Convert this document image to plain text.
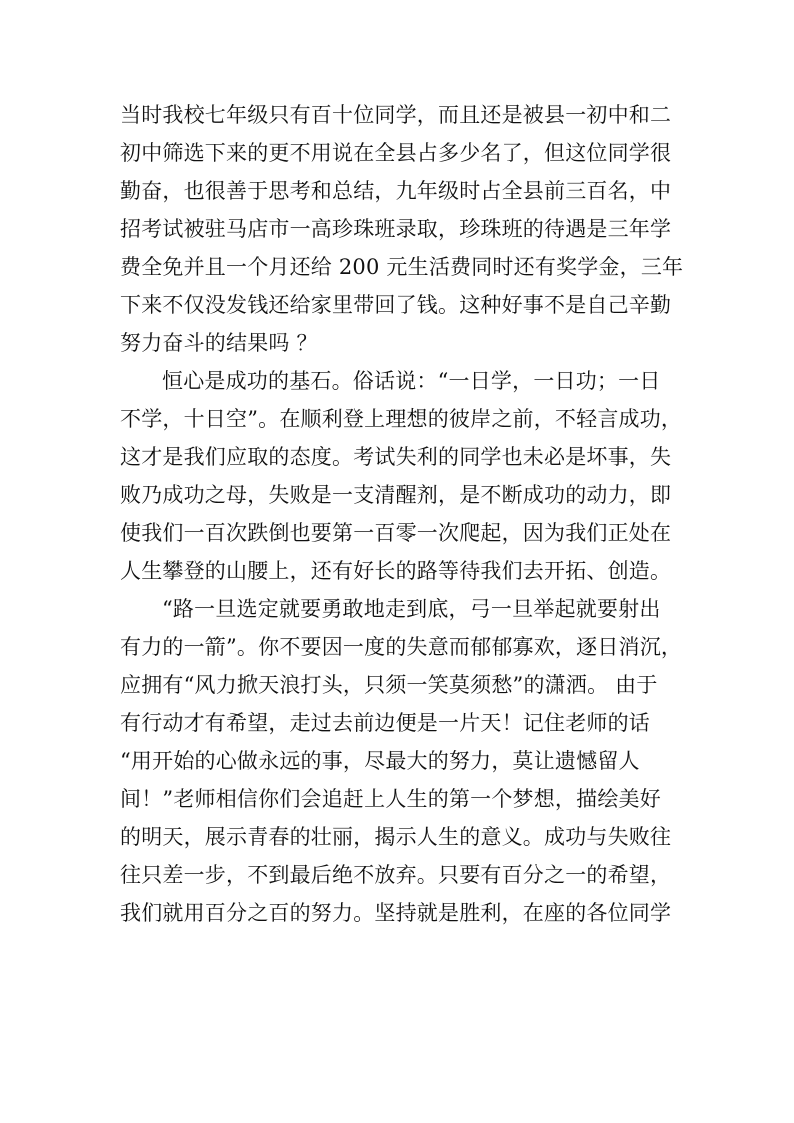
当时我校七年级只有百十位同学，而且还是被县一初中和二
初中筛选下来的更不用说在全县占多少名了，但这位同学很
勤奋，也很善于思考和总结，九年级时占全县前三百名，中
招考试被驻马店市一高珍珠班录取，珍珠班的待遇是三年学
费全免并且一个月还给 200 元生活费同时还有奖学金，三年
下来不仅没发钱还给家里带回了钱。这种好事不是自己辛勤
努力奋斗的结果吗 ？
恒心是成功的基石。俗话说：“一日学，一日功；一日
不学，十日空”。在顺利登上理想的彼岸之前，不轻言成功，
这才是我们应取的态度。考试失利的同学也未必是坏事，失
败乃成功之母，失败是一支清醒剂，是不断成功的动力，即
使我们一百次跌倒也要第一百零一次爬起，因为我们正处在
人生攀登的山腰上，还有好长的路等待我们去开拓、创造。
“路一旦选定就要勇敢地走到底，弓一旦举起就要射出
有力的一箭”。你不要因一度的失意而郁郁寡欢，逐日消沉，
应拥有“风力掀天浪打头，只须一笑莫须愁”的潇洒。 由于
有行动才有希望，走过去前边便是一片天！记住老师的话
“用开始的心做永远的事，尽最大的努力，莫让遗憾留人
间！”老师相信你们会追赶上人生的第一个梦想，描绘美好
的明天，展示青春的壮丽，揭示人生的意义。成功与失败往
往只差一步，不到最后绝不放弃。只要有百分之一的希望，
我们就用百分之百的努力。坚持就是胜利，在座的各位同学
